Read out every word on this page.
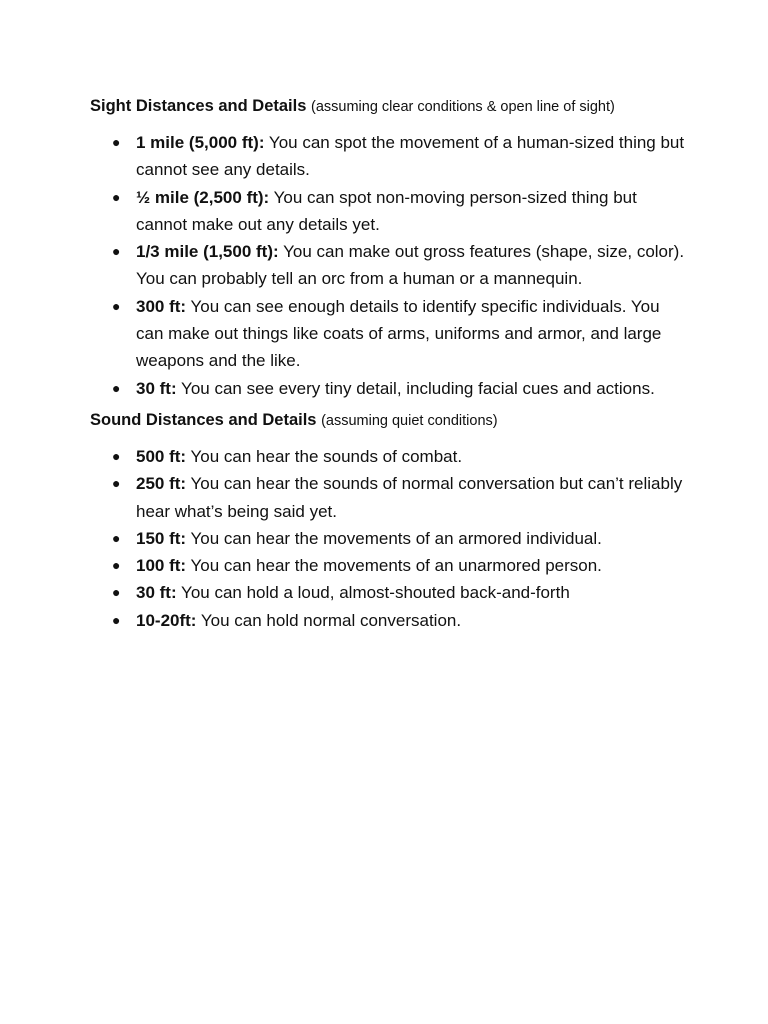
Sight Distances and Details (assuming clear conditions & open line of sight)

● 1 mile (5,000 ft): You can spot the movement of a human-sized thing but cannot see any details.
● ½ mile (2,500 ft): You can spot non-moving person-sized thing but cannot make out any details yet.
● 1/3 mile (1,500 ft): You can make out gross features (shape, size, color). You can probably tell an orc from a human or a mannequin.
● 300 ft: You can see enough details to identify specific individuals. You can make out things like coats of arms, uniforms and armor, and large weapons and the like.
● 30 ft: You can see every tiny detail, including facial cues and actions.

Sound Distances and Details (assuming quiet conditions)

● 500 ft: You can hear the sounds of combat.
● 250 ft: You can hear the sounds of normal conversation but can’t reliably hear what’s being said yet.
● 150 ft: You can hear the movements of an armored individual.
● 100 ft: You can hear the movements of an unarmored person.
● 30 ft: You can hold a loud, almost-shouted back-and-forth
● 10-20ft: You can hold normal conversation.
